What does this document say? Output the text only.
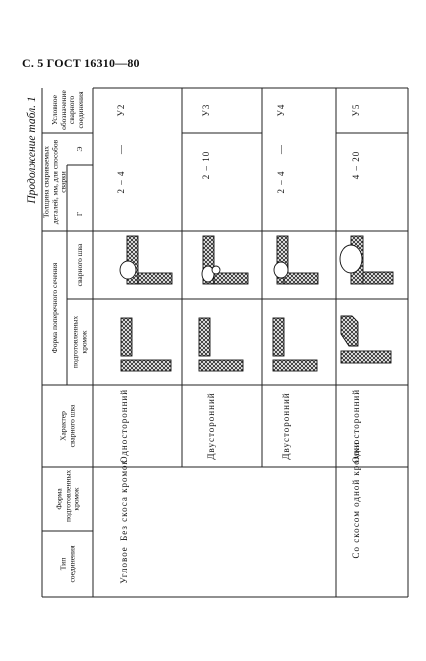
С. 5 ГОСТ 16310—80
Продолжение табл. 1
Тип соединения
Форма подготовленных кромок
Характер сварного шва
Форма поперечного сечения подготовленных кромок
сварного шва
Толщина свариваемых деталей, мм, для способов сварки
Г
Э
Условное обозначение сварного соединения
Угловое
Без скоса кромок
Односторонний
2 – 4
—
У2
Двусторонний
2 – 10
У3
Двусторонний
2 – 4
—
У4
Со скосом одной кромки
Односторонний
4 – 20
У5
